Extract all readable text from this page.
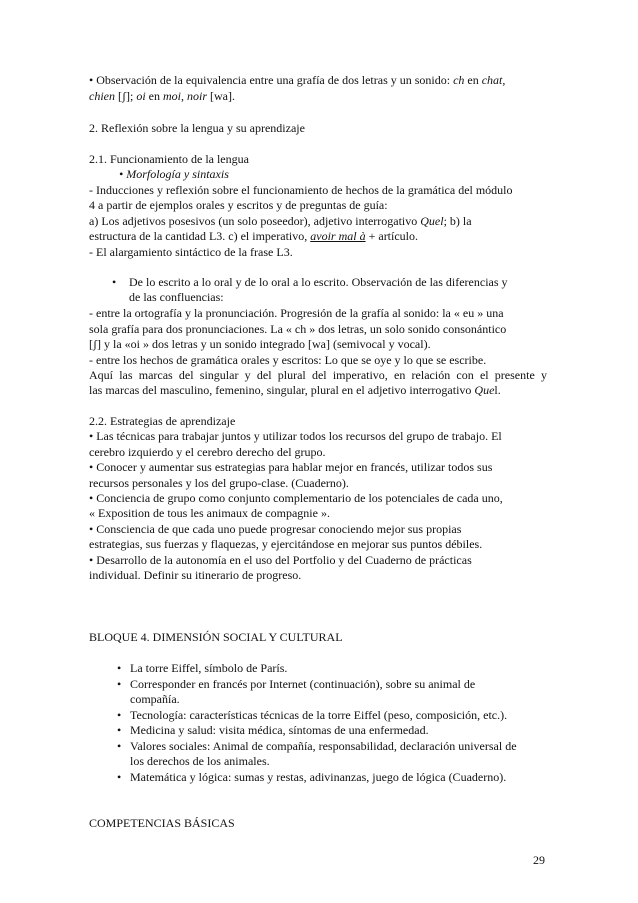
• Observación de la equivalencia entre una grafía de dos letras y un sonido: ch en chat,
chien [ʃ]; oi en moi, noir [wa].
2. Reflexión sobre la lengua y su aprendizaje
2.1. Funcionamiento de la lengua
• Morfología y sintaxis
- Inducciones y reflexión sobre el funcionamiento de hechos de la gramática del módulo
4 a partir de ejemplos orales y escritos y de preguntas de guía:
a) Los adjetivos posesivos (un solo poseedor), adjetivo interrogativo Quel; b) la
estructura de la cantidad L3. c) el imperativo, avoir mal à + artículo.
- El alargamiento sintáctico de la frase L3.
• De lo escrito a lo oral y de lo oral a lo escrito. Observación de las diferencias y
de las confluencias:
- entre la ortografía y la pronunciación. Progresión de la grafía al sonido: la « eu » una
sola grafía para dos pronunciaciones. La « ch » dos letras, un solo sonido consonántico
[ʃ] y la «oi » dos letras y un sonido integrado [wa] (semivocal y vocal).
- entre los hechos de gramática orales y escritos: Lo que se oye y lo que se escribe.
Aquí las marcas del singular y del plural del imperativo, en relación con el presente y
las marcas del masculino, femenino, singular, plural en el adjetivo interrogativo Quel.
2.2. Estrategias de aprendizaje
• Las técnicas para trabajar juntos y utilizar todos los recursos del grupo de trabajo. El
cerebro izquierdo y el cerebro derecho del grupo.
• Conocer y aumentar sus estrategias para hablar mejor en francés, utilizar todos sus
recursos personales y los del grupo-clase. (Cuaderno).
• Conciencia de grupo como conjunto complementario de los potenciales de cada uno,
« Exposition de tous les animaux de compagnie ».
• Consciencia de que cada uno puede progresar conociendo mejor sus propias
estrategias, sus fuerzas y flaquezas, y ejercitándose en mejorar sus puntos débiles.
• Desarrollo de la autonomía en el uso del Portfolio y del Cuaderno de prácticas
individual. Definir su itinerario de progreso.
BLOQUE 4. DIMENSIÓN SOCIAL Y CULTURAL
• La torre Eiffel, símbolo de París.
• Corresponder en francés por Internet (continuación), sobre su animal de
compañía.
• Tecnología: características técnicas de la torre Eiffel (peso, composición, etc.).
• Medicina y salud: visita médica, síntomas de una enfermedad.
• Valores sociales: Animal de compañía, responsabilidad, declaración universal de
los derechos de los animales.
• Matemática y lógica: sumas y restas, adivinanzas, juego de lógica (Cuaderno).
COMPETENCIAS BÁSICAS
29
